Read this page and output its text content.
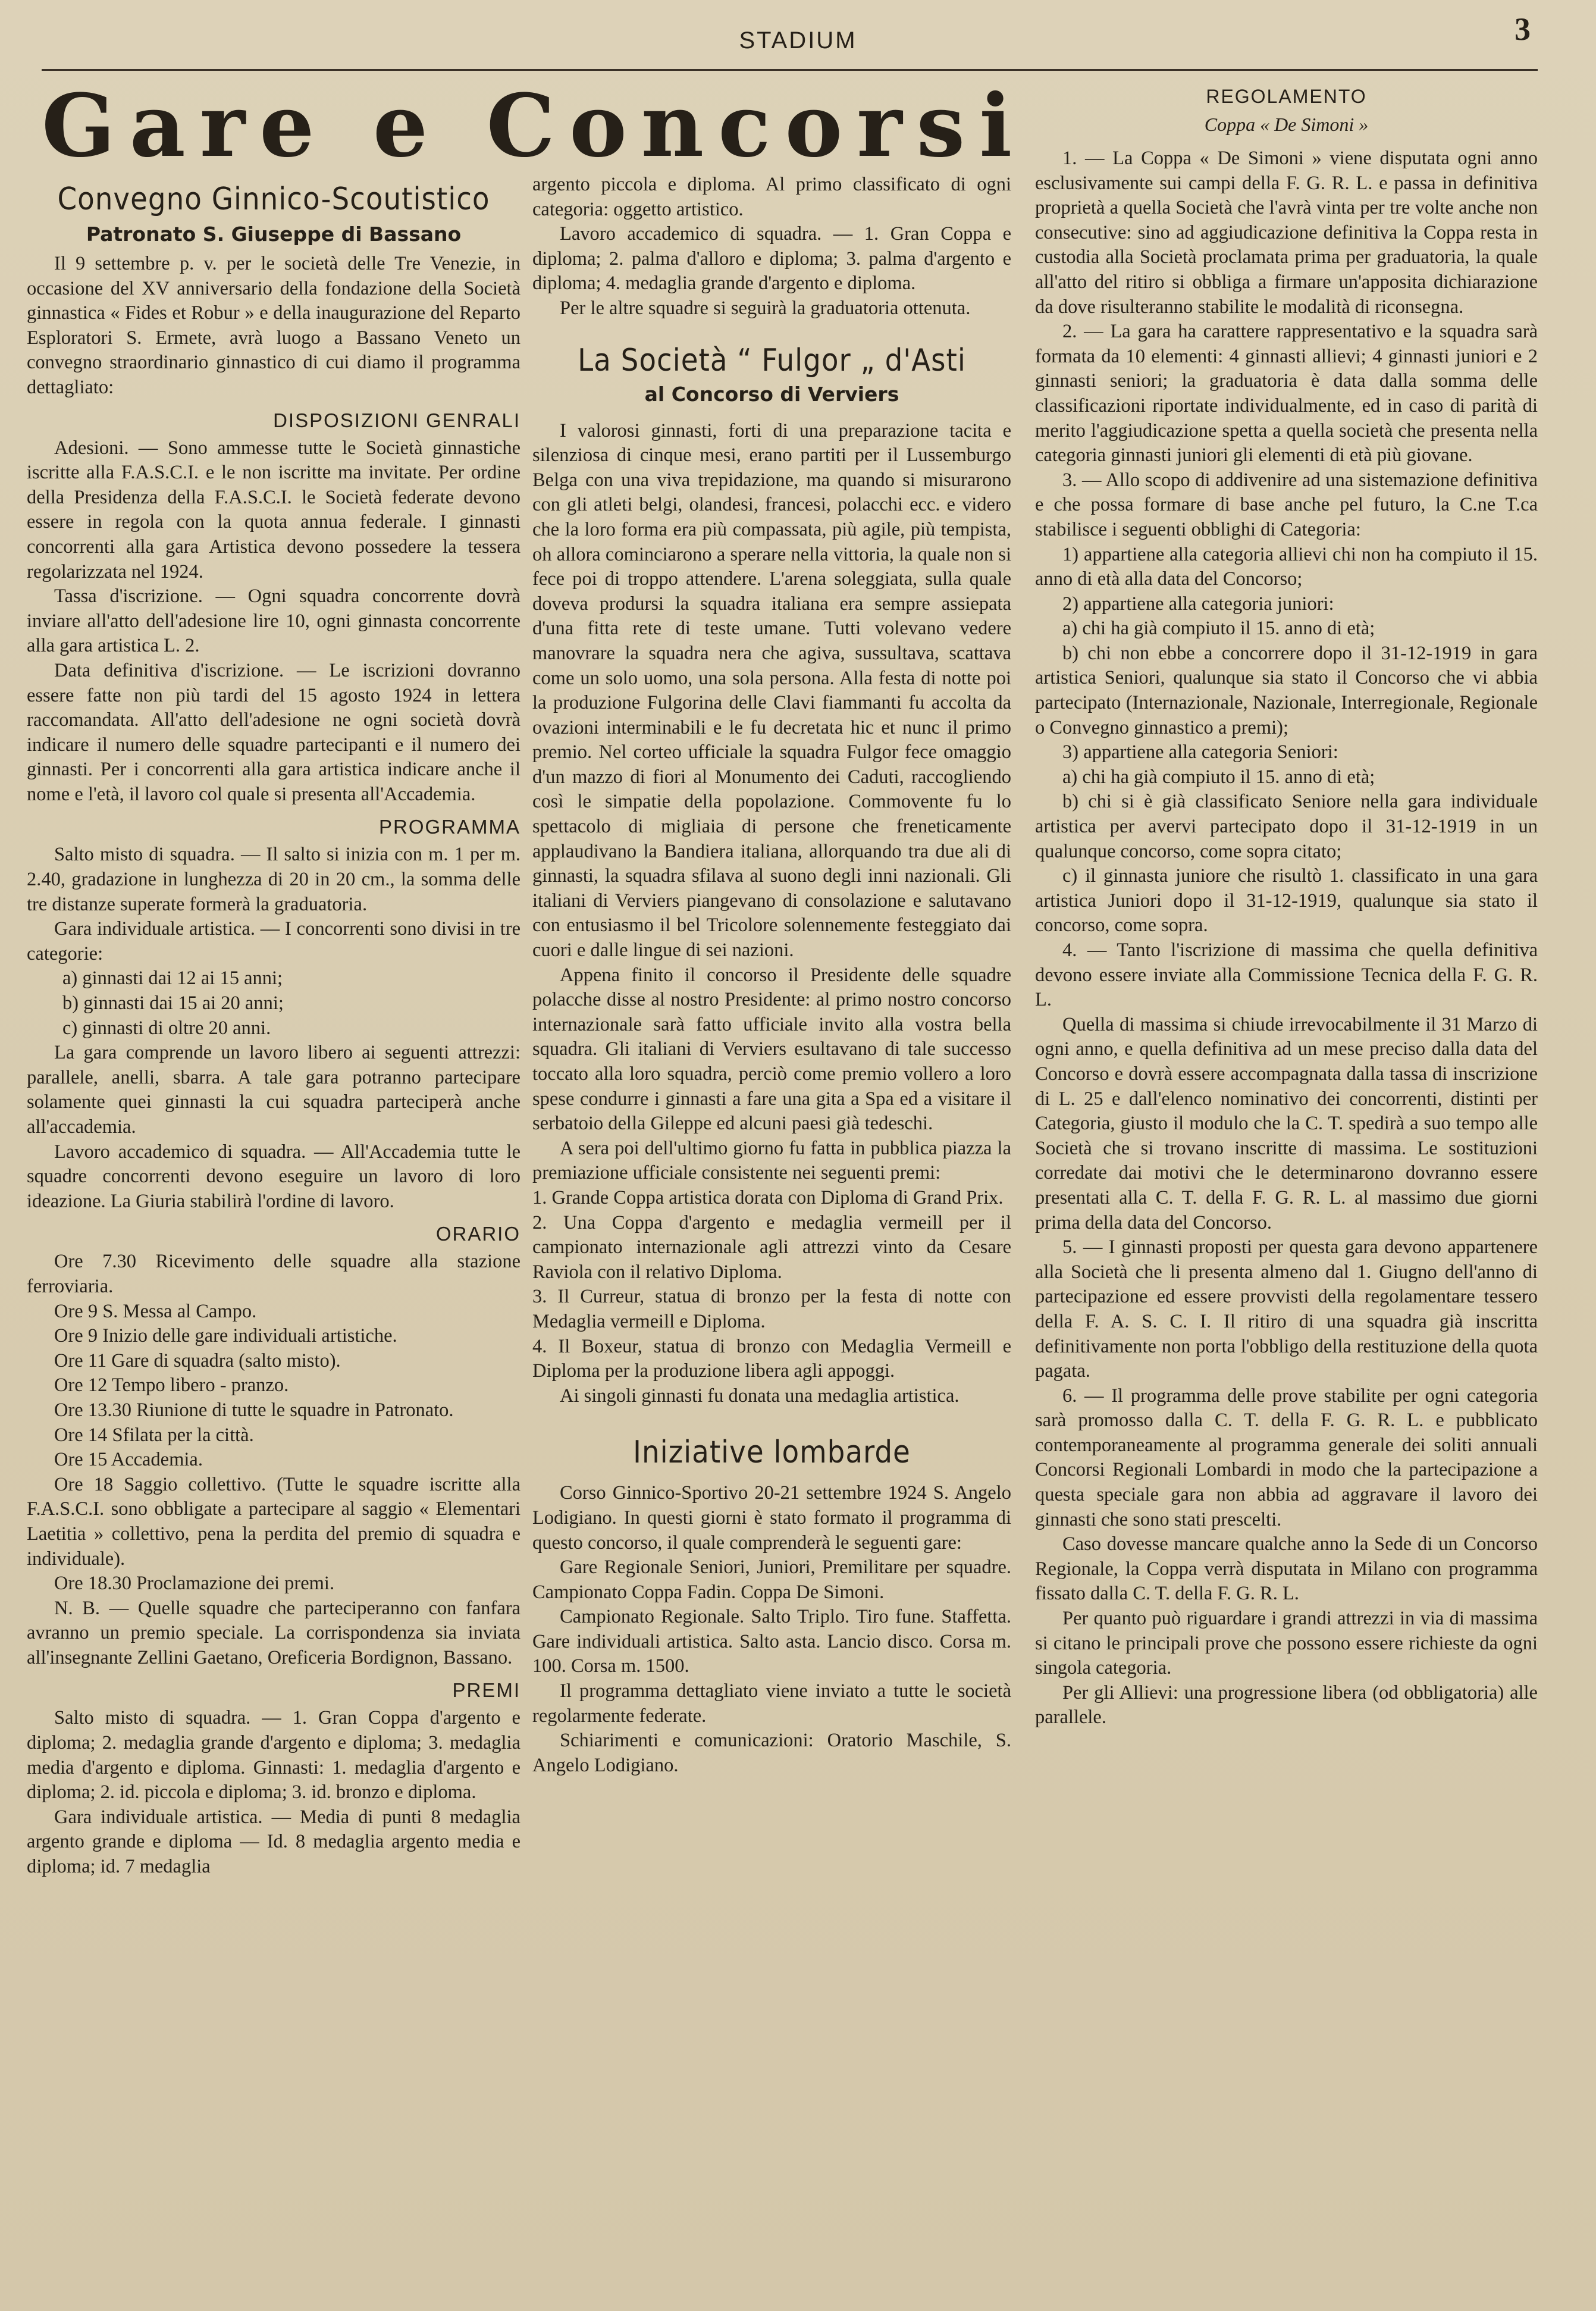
STADIUM	3
Gare e Concorsi
Convegno Ginnico-Scoutistico
Patronato S. Giuseppe di Bassano

Il 9 settembre p. v. per le società delle Tre Venezie, in occasione del XV anniversario della fondazione della Società ginnastica « Fides et Robur » e della inaugurazione del Reparto Esploratori S. Ermete, avrà luogo a Bassano Veneto un convegno straordinario ginnastico di cui diamo il programma dettagliato:

DISPOSIZIONI GENRALI

Adesioni. — Sono ammesse tutte le Società ginnastiche iscritte alla F.A.S.C.I. e le non iscritte ma invitate. Per ordine della Presidenza della F.A.S.C.I. le Società federate devono essere in regola con la quota annua federale. I ginnasti concorrenti alla gara Artistica devono possedere la tessera regolarizzata nel 1924.

Tassa d'iscrizione. — Ogni squadra concorrente dovrà inviare all'atto dell'adesione lire 10, ogni ginnasta concorrente alla gara artistica L. 2.

Data definitiva d'iscrizione. — Le iscrizioni dovranno essere fatte non più tardi del 15 agosto 1924 in lettera raccomandata. All'atto dell'adesione ne ogni società dovrà indicare il numero delle squadre partecipanti e il numero dei ginnasti. Per i concorrenti alla gara artistica indicare anche il nome e l'età, il lavoro col quale si presenta all'Accademia.

PROGRAMMA

Salto misto di squadra. — Il salto si inizia con m. 1 per m. 2.40, gradazione in lunghezza di 20 in 20 cm., la somma delle tre distanze superate formerà la graduatoria.

Gara individuale artistica. — I concorrenti sono divisi in tre categorie:

a) ginnasti dai 12 ai 15 anni;

b) ginnasti dai 15 ai 20 anni;

c) ginnasti di oltre 20 anni.

La gara comprende un lavoro libero ai seguenti attrezzi: parallele, anelli, sbarra. A tale gara potranno partecipare solamente quei ginnasti la cui squadra parteciperà anche all'accademia.

Lavoro accademico di squadra. — All'Accademia tutte le squadre concorrenti devono eseguire un lavoro di loro ideazione. La Giuria stabilirà l'ordine di lavoro.

ORARIO

Ore 7.30 Ricevimento delle squadre alla stazione ferroviaria.

Ore 9 S. Messa al Campo.

Ore 9 Inizio delle gare individuali artistiche.

Ore 11 Gare di squadra (salto misto).

Ore 12 Tempo libero - pranzo.

Ore 13.30 Riunione di tutte le squadre in Patronato.

Ore 14 Sfilata per la città.

Ore 15 Accademia.

Ore 18 Saggio collettivo. (Tutte le squadre iscritte alla F.A.S.C.I. sono obbligate a partecipare al saggio « Elementari Laetitia » collettivo, pena la perdita del premio di squadra e individuale).

Ore 18.30 Proclamazione dei premi.

N. B. — Quelle squadre che parteciperanno con fanfara avranno un premio speciale. La corrispondenza sia inviata all'insegnante Zellini Gaetano, Oreficeria Bordignon, Bassano.

PREMI

Salto misto di squadra. — 1. Gran Coppa d'argento e diploma; 2. medaglia grande d'argento e diploma; 3. medaglia media d'argento e diploma. Ginnasti: 1. medaglia d'argento e diploma; 2. id. piccola e diploma; 3. id. bronzo e diploma.

Gara individuale artistica. — Media di punti 8 medaglia argento grande e diploma — Id. 8 medaglia argento media e diploma; id. 7 medaglia

argento piccola e diploma. Al primo classificato di ogni categoria: oggetto artistico.

Lavoro accademico di squadra. — 1. Gran Coppa e diploma; 2. palma d'alloro e diploma; 3. palma d'argento e diploma; 4. medaglia grande d'argento e diploma.

Per le altre squadre si seguirà la graduatoria ottenuta.

La Società “ Fulgor „ d'Asti
al Concorso di Verviers

I valorosi ginnasti, forti di una preparazione tacita e silenziosa di cinque mesi, erano partiti per il Lussemburgo Belga con una viva trepidazione, ma quando si misurarono con gli atleti belgi, olandesi, francesi, polacchi ecc. e videro che la loro forma era più compassata, più agile, più tempista, oh allora cominciarono a sperare nella vittoria, la quale non si fece poi di troppo attendere. L'arena soleggiata, sulla quale doveva prodursi la squadra italiana era sempre assiepata d'una fitta rete di teste umane. Tutti volevano vedere manovrare la squadra nera che agiva, sussultava, scattava come un solo uomo, una sola persona. Alla festa di notte poi la produzione Fulgorina delle Clavi fiammanti fu accolta da ovazioni interminabili e le fu decretata hic et nunc il primo premio. Nel corteo ufficiale la squadra Fulgor fece omaggio d'un mazzo di fiori al Monumento dei Caduti, raccogliendo così le simpatie della popolazione. Commovente fu lo spettacolo di migliaia di persone che freneticamente applaudivano la Bandiera italiana, allorquando tra due ali di ginnasti, la squadra sfilava al suono degli inni nazionali. Gli italiani di Verviers piangevano di consolazione e salutavano con entusiasmo il bel Tricolore solennemente festeggiato dai cuori e dalle lingue di sei nazioni.

Appena finito il concorso il Presidente delle squadre polacche disse al nostro Presidente: al primo nostro concorso internazionale sarà fatto ufficiale invito alla vostra bella squadra. Gli italiani di Verviers esultavano di tale successo toccato alla loro squadra, perciò come premio vollero a loro spese condurre i ginnasti a fare una gita a Spa ed a visitare il serbatoio della Gileppe ed alcuni paesi già tedeschi.

A sera poi dell'ultimo giorno fu fatta in pubblica piazza la premiazione ufficiale consistente nei seguenti premi:

1. Grande Coppa artistica dorata con Diploma di Grand Prix.

2. Una Coppa d'argento e medaglia vermeill per il campionato internazionale agli attrezzi vinto da Cesare Raviola con il relativo Diploma.

3. Il Curreur, statua di bronzo per la festa di notte con Medaglia vermeill e Diploma.

4. Il Boxeur, statua di bronzo con Medaglia Vermeill e Diploma per la produzione libera agli appoggi.

Ai singoli ginnasti fu donata una medaglia artistica.

Iniziative lombarde

Corso Ginnico-Sportivo 20-21 settembre 1924 S. Angelo Lodigiano. In questi giorni è stato formato il programma di questo concorso, il quale comprenderà le seguenti gare:

Gare Regionale Seniori, Juniori, Premilitare per squadre. Campionato Coppa Fadin. Coppa De Simoni.

Campionato Regionale. Salto Triplo. Tiro fune. Staffetta. Gare individuali artistica. Salto asta. Lancio disco. Corsa m. 100. Corsa m. 1500.

Il programma dettagliato viene inviato a tutte le società regolarmente federate.

Schiarimenti e comunicazioni: Oratorio Maschile, S. Angelo Lodigiano.

REGOLAMENTO
Coppa « De Simoni »

1. — La Coppa « De Simoni » viene disputata ogni anno esclusivamente sui campi della F. G. R. L. e passa in definitiva proprietà a quella Società che l'avrà vinta per tre volte anche non consecutive: sino ad aggiudicazione definitiva la Coppa resta in custodia alla Società proclamata prima per graduatoria, la quale all'atto del ritiro si obbliga a firmare un'apposita dichiarazione da dove risulteranno stabilite le modalità di riconsegna.

2. — La gara ha carattere rappresentativo e la squadra sarà formata da 10 elementi: 4 ginnasti allievi; 4 ginnasti juniori e 2 ginnasti seniori; la graduatoria è data dalla somma delle classificazioni riportate individualmente, ed in caso di parità di merito l'aggiudicazione spetta a quella società che presenta nella categoria ginnasti juniori gli elementi di età più giovane.

3. — Allo scopo di addivenire ad una sistemazione definitiva e che possa formare di base anche pel futuro, la C.ne T.ca stabilisce i seguenti obblighi di Categoria:

1) appartiene alla categoria allievi chi non ha compiuto il 15. anno di età alla data del Concorso;

2) appartiene alla categoria juniori:

a) chi ha già compiuto il 15. anno di età;

b) chi non ebbe a concorrere dopo il 31-12-1919 in gara artistica Seniori, qualunque sia stato il Concorso che vi abbia partecipato (Internazionale, Nazionale, Interregionale, Regionale o Convegno ginnastico a premi);

3) appartiene alla categoria Seniori:

a) chi ha già compiuto il 15. anno di età;

b) chi si è già classificato Seniore nella gara individuale artistica per avervi partecipato dopo il 31-12-1919 in un qualunque concorso, come sopra citato;

c) il ginnasta juniore che risultò 1. classificato in una gara artistica Juniori dopo il 31-12-1919, qualunque sia stato il concorso, come sopra.

4. — Tanto l'iscrizione di massima che quella definitiva devono essere inviate alla Commissione Tecnica della F. G. R. L.

Quella di massima si chiude irrevocabilmente il 31 Marzo di ogni anno, e quella definitiva ad un mese preciso dalla data del Concorso e dovrà essere accompagnata dalla tassa di inscrizione di L. 25 e dall'elenco nominativo dei concorrenti, distinti per Categoria, giusto il modulo che la C. T. spedirà a suo tempo alle Società che si trovano inscritte di massima. Le sostituzioni corredate dai motivi che le determinarono dovranno essere presentati alla C. T. della F. G. R. L. al massimo due giorni prima della data del Concorso.

5. — I ginnasti proposti per questa gara devono appartenere alla Società che li presenta almeno dal 1. Giugno dell'anno di partecipazione ed essere provvisti della regolamentare tessero della F. A. S. C. I. Il ritiro di una squadra già inscritta definitivamente non porta l'obbligo della restituzione della quota pagata.

6. — Il programma delle prove stabilite per ogni categoria sarà promosso dalla C. T. della F. G. R. L. e pubblicato contemporaneamente al programma generale dei soliti annuali Concorsi Regionali Lombardi in modo che la partecipazione a questa speciale gara non abbia ad aggravare il lavoro dei ginnasti che sono stati prescelti.

Caso dovesse mancare qualche anno la Sede di un Concorso Regionale, la Coppa verrà disputata in Milano con programma fissato dalla C. T. della F. G. R. L.

Per quanto può riguardare i grandi attrezzi in via di massima si citano le principali prove che possono essere richieste da ogni singola categoria.

Per gli Allievi: una progressione libera (od obbligatoria) alle parallele.
